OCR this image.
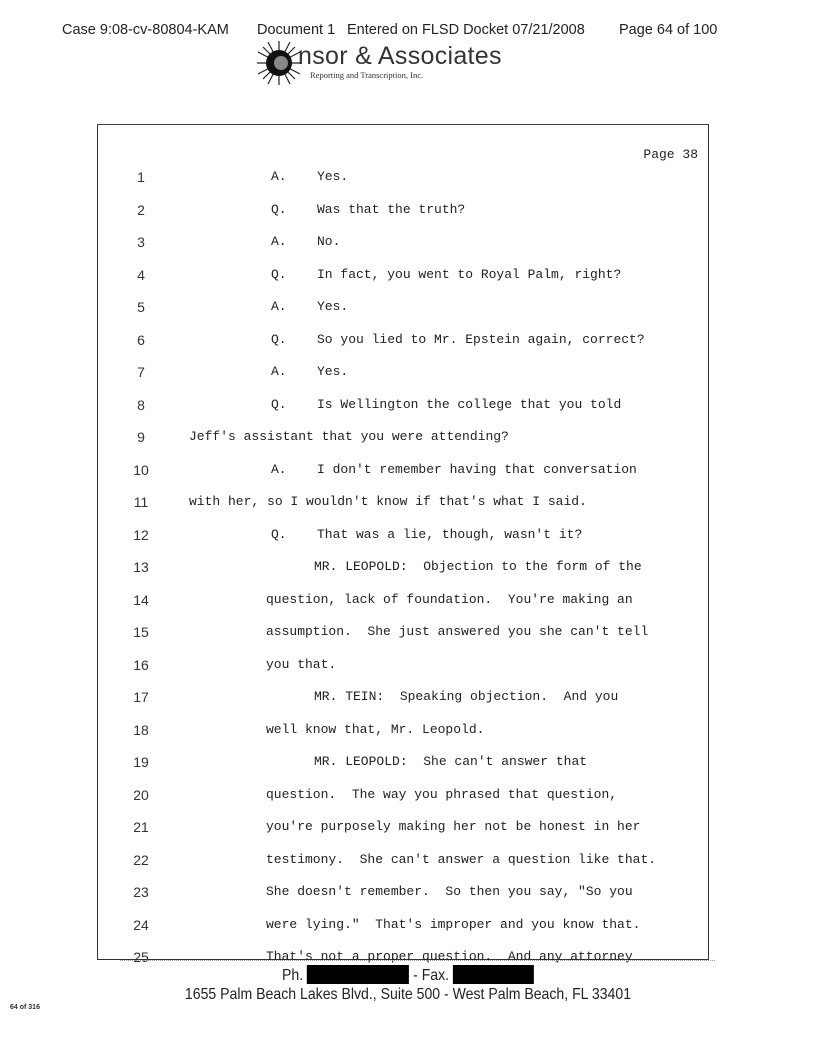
Case 9:08-cv-80804-KAM Document 1 Entered on FLSD Docket 07/21/2008 Page 64 of 100
nsor & Associates
Reporting and Transcription, Inc.
Page 38
1	A. Yes.
2	Q. Was that the truth?
3	A. No.
4	Q. In fact, you went to Royal Palm, right?
5	A. Yes.
6	Q. So you lied to Mr. Epstein again, correct?
7	A. Yes.
8	Q. Is Wellington the college that you told
9	Jeff's assistant that you were attending?
10	A. I don't remember having that conversation
11	with her, so I wouldn't know if that's what I said.
12	Q. That was a lie, though, wasn't it?
13	MR. LEOPOLD:  Objection to the form of the
14	question, lack of foundation.  You're making an
15	assumption.  She just answered you she can't tell
16	you that.
17	MR. TEIN:  Speaking objection.  And you
18	well know that, Mr. Leopold.
19	MR. LEOPOLD:  She can't answer that
20	question.  The way you phrased that question,
21	you're purposely making her not be honest in her
22	testimony.  She can't answer a question like that.
23	She doesn't remember.  So then you say, "So you
24	were lying."  That's improper and you know that.
25	That's not a proper question.  And any attorney
Ph.	- Fax.
1655 Palm Beach Lakes Blvd., Suite 500 - West Palm Beach, FL 33401
64 of 316
